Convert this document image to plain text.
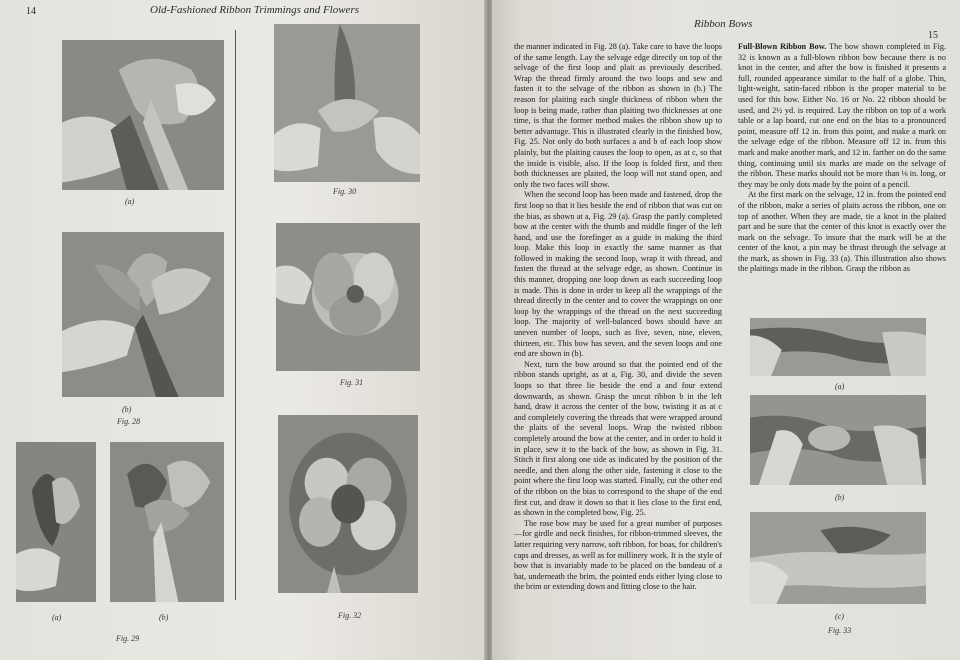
14	Old-Fashioned Ribbon Trimmings and Flowers
(a)
(b)
Fig. 28
(a)	(b)
Fig. 29
Fig. 30
Fig. 31
Fig. 32
Ribbon Bows
15

the manner indicated in Fig. 28 (a). Take care to have the loops of the same length. Lay the selvage edge directly on top of the selvage of the first loop and plait as previously described. Wrap the thread firmly around the two loops and sew and fasten it to the selvage of the ribbon as shown in (b.) The reason for plaiting each single thickness of ribbon when the loop is being made, rather than plaiting two thicknesses at one time, is that the former method makes the ribbon show up to better advantage. This is illustrated clearly in the finished bow, Fig. 25. Not only do both surfaces a and b of each loop show plainly, but the plaiting causes the loop to open, as at c, so that the inside is visible, also. If the loop is folded first, and then both thicknesses are plaited, the loop will not stand open, and only the two faces will show.

When the second loop has been made and fastened, drop the first loop so that it lies beside the end of ribbon that was cut on the bias, as shown at a, Fig. 29 (a). Grasp the partly completed bow at the center with the thumb and middle finger of the left hand, and use the forefinger as a guide in making the third loop. Make this loop in exactly the same manner as that followed in making the second loop, wrap it with thread, and fasten the thread at the selvage edge, as shown. Continue in this manner, dropping one loop down as each succeeding loop is made. This is done in order to keep all the wrappings of the thread directly in the center and to cover the wrappings on one loop by the wrappings of the thread on the next succeeding loop. The majority of well-balanced bows should have an uneven number of loops, such as five, seven, nine, eleven, thirteen, etc. This bow has seven, and the seven loops and one end are shown in (b).

Next, turn the bow around so that the pointed end of the ribbon stands upright, as at a, Fig. 30, and divide the seven loops so that three lie beside the end a and four extend downwards, as shown. Grasp the uncut ribbon b in the left hand, draw it across the center of the bow, twisting it as at c and completely covering the threads that were wrapped around the plaits of the several loops. Wrap the twisted ribbon completely around the bow at the center, and in order to hold it in place, sew it to the back of the bow, as shown in Fig. 31. Stitch it first along one side as indicated by the position of the needle, and then along the other side, fastening it close to the point where the first loop was started. Finally, cut the other end of the ribbon on the bias to correspond to the shape of the end first cut, and draw it down so that it lies close to the first end, as shown in the completed bow, Fig. 25.

The rose bow may be used for a great number of purposes—for girdle and neck finishes, for ribbon-trimmed sleeves, the latter requiring very narrow, soft ribbon, for boas, for children's caps and dresses, as well as for millinery work. It is the style of bow that is invariably made to be placed on the bandeau of a hat, underneath the brim, the pointed ends either lying close to the brim or extending down and fitting close to the hair.

Full-Blown Ribbon Bow. The bow shown completed in Fig. 32 is known as a full-blown ribbon bow because there is no knot in the center, and after the bow is finished it presents a full, rounded appearance similar to the half of a globe. Thin, light-weight, satin-faced ribbon is the proper material to be used for this bow. Either No. 16 or No. 22 ribbon should be used, and 2½ yd. is required. Lay the ribbon on top of a work table or a lap board, cut one end on the bias to a pronounced point, measure off 12 in. from this point, and make a mark on the selvage edge of the ribbon. Measure off 12 in. from this mark and make another mark, and 12 in. farther on do the same thing, continuing until six marks are made on the selvage of the ribbon. These marks should not be more than ⅛ in. long, or they may be only dots made by the point of a pencil.

At the first mark on the selvage, 12 in. from the pointed end of the ribbon, make a series of plaits across the ribbon, one on top of another. When they are made, tie a knot in the plaited part and be sure that the center of this knot is exactly over the mark on the selvage. To insure that the mark will be at the center of the knot, a pin may be thrust through the selvage at the mark, as shown in Fig. 33 (a). This illustration also shows the plaitings made in the ribbon. Grasp the ribbon as

(a)
(b)
(c)
Fig. 33
